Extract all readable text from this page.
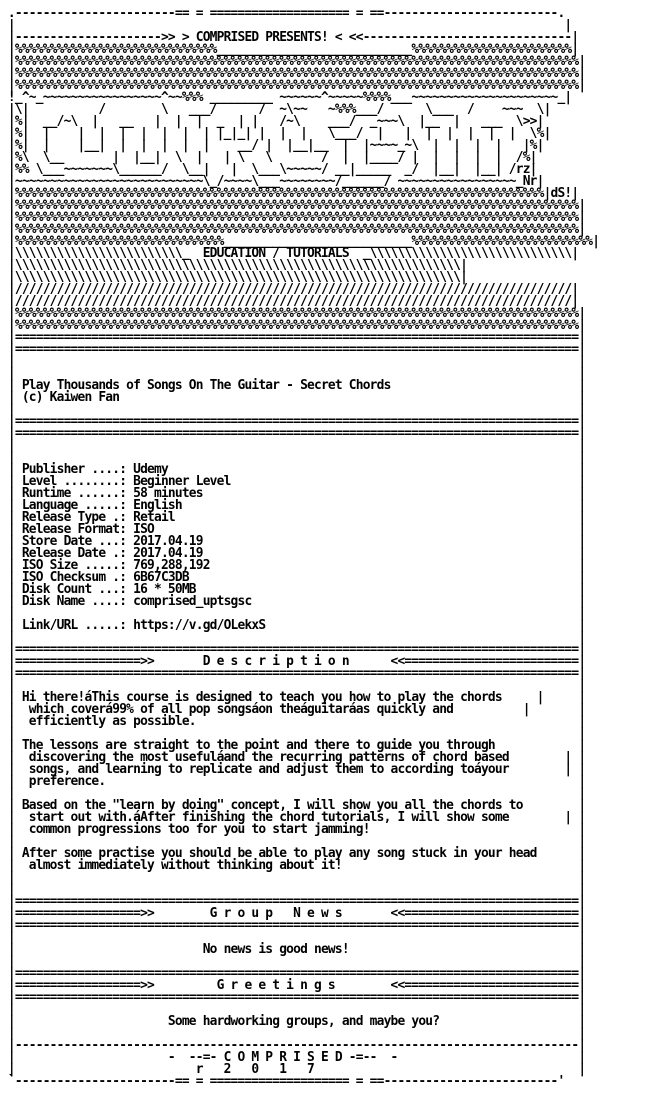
.-----------------------== = ==================== = ==-------------------------.
|                                                                               |
|--------------------->> > COMPRISED PRESENTS! < <<------------------------------|
|%%%%%%%%%%%%%%%%%%%%%%%%%%%%%____________________________%%%%%%%%%%%%%%%%%%%%%%%|
|%%%%%%%%%%%%%%%%%%%%%%%%%%%%%%%%%%%%%%%%%%%%%%%%%%%%%%%%%%%%%%%%%%%%%%%%%%%%%%%%%|
|%%%%%%%%%%%%%%%%%%%%%%%%%%%%%%%%%%%%%%%%%%%%%%%%%%%%%%%%%%%%%%%%%%%%%%%%%%%%%%%%%|
|%%%%%%%%%%%%%%%%%%%%%%%%%%%%%%%%%%%%%%%%%%%%%%%%%%%%%%%%%%%%%%%%%%%%%%%%%%%%%%%%%|
!_^~_~~~~~~~~~~~~~~~~~^~~%%% _________ ~~~~~~^~~~~~%%%%___~~~~~~~~~~~~~~~~~~~~~_|
|\|          /        \   ___/      /  ~\~~   ~%%%___/      \___  /    ~~~  \|
|%|  __/~\  |   __   |  |  |  _  | |   /~\    ___/  _~~~\  |__  |   ___  \>>|
|%|  |    |  |  |  |  |  |  | |_|_| |  |  |   \___/  |   |  |  |  |  |  |  \%|
|%|  |    |__|  |  |  |  |  |    __/ |  |__|__  |  |~~~~_~\  |  |  |  |   |%|
|%\  \__       |  |__|  \  |   | \   \       /  |  |____/ |  |  |  |  |  /%|
|%% \___~~~~~~~\______/  \__|   |  \___\~~~~~/ __|_____  _/  |__|  |__| /rz|
|~~~~~~~~~~~~~~~~~~~~~~~~~~~\_/~~~~\___~~~~~~~~/______/ ~~~~~~~~~~~~~~~~~_Nr|
|%%%%%%%%%%%%%%%%%%%%%%%%%%%%%%%%%%%%%%%%%%%%%%%%%%%%%%%%%%%%%%%%%%%%%%%%%%%%|dS!|
|%%%%%%%%%%%%%%%%%%%%%%%%%%%%%%%%%%%%%%%%%%%%%%%%%%%%%%%%%%%%%%%%%%%%%%%%%%%%%%%%%|
|%%%%%%%%%%%%%%%%%%%%%%%%%%%%%%%%%%%%%%%%%%%%%%%%%%%%%%%%%%%%%%%%%%%%%%%%%%%%%%%%%|
|%%%%%%%%%%%%%%%%%%%%%%%%%%%%%%%%%%%%%%%%%%%%%%%%%%%%%%%%%%%%%%%%%%%%%%%%%%%%%%%%%|
|%%%%%%%%%%%%%%%%%%%%%%%%%%%%%%___________________________%%%%%%%%%%%%%%%%%%%%%%%%%%|
|\\\\\\\\\\\\\\\\\\\\\\\\_  EDUCATION / TUTORIALS  _\\\\\\\\\\\\\\\\\\\\\\\\\\\\\|
|\\\\\\\\\\\\\\\\\\\\\\\\\\\\\\\\\\\\\\\\\\\\\\\\\\\\\\\\\\\\\\\\|
|\\\\\\\\\\\\\\\\\\\\\\\\\\\\\\\\\\\\\\\\\\\\\\\\\\\\\\\\\\\\\\\\|
|////////////////////////////////////////////////////////////////////////////////|
|////////////////////////////////////////////////////////////////////////////////|
|%%%%%%%%%%%%%%%%%%%%%%%%%%%%%%%%%%%%%%%%%%%%%%%%%%%%%%%%%%%%%%%%%%%%%%%%%%%%%%%%%|
|%%%%%%%%%%%%%%%%%%%%%%%%%%%%%%%%%%%%%%%%%%%%%%%%%%%%%%%%%%%%%%%%%%%%%%%%%%%%%%%%%|
|=================================================================================|
|=================================================================================|
|                                                                                 |
|                                                                                 |
| Play Thousands of Songs On The Guitar - Secret Chords                           |
| (c) Kaiwen Fan                                                                  |
|                                                                                 |
|=================================================================================|
|=================================================================================|
|                                                                                 |
|                                                                                 |
| Publisher ....: Udemy                                                           |
| Level ........: Beginner Level                                                  |
| Runtime ......: 58 minutes                                                      |
| Language .....: English                                                         |
| Release Type .: Retail                                                          |
| Release Format: ISO                                                             |
| Store Date ...: 2017.04.19                                                      |
| Release Date .: 2017.04.19                                                      |
| ISO Size .....: 769,288,192                                                     |
| ISO Checksum .: 6B67C3DB                                                        |
| Disk Count ...: 16 * 50MB                                                       |
| Disk Name ....: comprised_uptsgsc                                               |
|                                                                                 |
| Link/URL .....: https://v.gd/OLekxS                                             |
|                                                                                 |
|=================================================================================|
|==================>>       D e s c r i p t i o n      <<=========================|
|=================================================================================|
|                                                                                 |
| Hi there!áThis course is designed to teach you how to play the chords     |     |
|  which coverá99% of all pop songsáon theáguitaráas quickly and          |       |
|  efficiently as possible.                                                       |
|                                                                                 |
| The lessons are straight to the point and there to guide you through            |
|  discovering the most usefuláand the recurring patterns of chord based        | |
|  songs, and learning to replicate and adjust them to according toáyour        | |
|  preference.                                                                    |
|                                                                                 |
| Based on the "learn by doing" concept, I will show you all the chords to        |
|  start out with.áAfter finishing the chord tutorials, I will show some        | |
|  common progressions too for you to start jamming!                              |
|                                                                                 |
| After some practise you should be able to play any song stuck in your head      |
|  almost immediately without thinking about it!                                  |
|                                                                                 |
|                                                                                 |
|=================================================================================|
|==================>>        G r o u p   N e w s       <<=========================|
|=================================================================================|
|                                                                                 |
|                           No news is good news!                                 |
|                                                                                 |
|=================================================================================|
|==================>>         G r e e t i n g s        <<=========================|
|=================================================================================|
|                                                                                 |
|                      Some hardworking groups, and maybe you?                    |
|                                                                                 |
|---------------------------------------------------------------------------------|
|                      -  --=- C O M P R I S E D -=--  -                          |
|                          r   2   0   1   7                                      |
`-----------------------== = ==================== = ==-------------------------'
